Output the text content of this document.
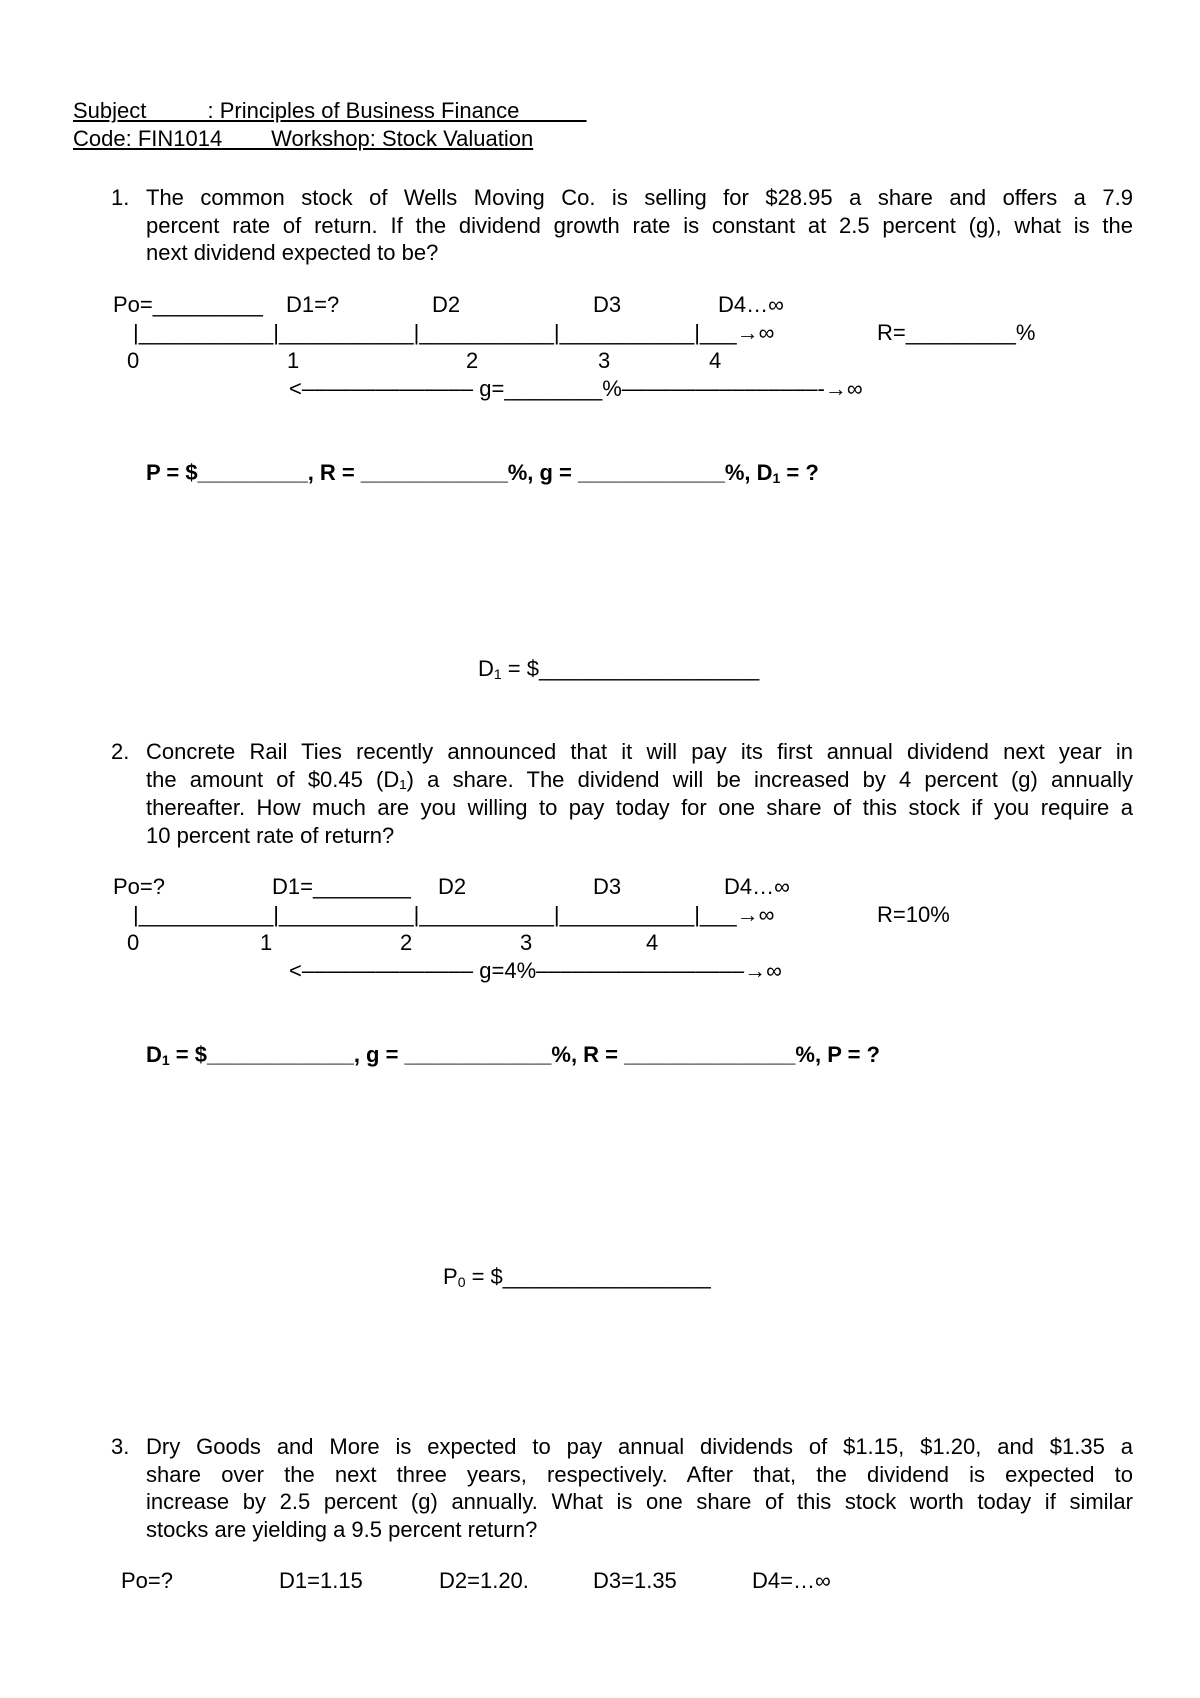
Subject          : Principles of Business Finance
Code: FIN1014        Workshop: Stock Valuation
1. The common stock of Wells Moving Co. is selling for $28.95 a share and offers a 7.9
percent rate of return. If the dividend growth rate is constant at 2.5 percent (g), what is the
next dividend expected to be?
Po=_________ D1=?	D2	D3	D4…∞
|___________|___________|___________|___________|___→∞	R=_________%
0	1	2	3	4
<–––––––––––––– g=________%––––––––––––––––-→∞
P = $_________, R = ____________%, g = ____________%, $D_1$ = ?
$D_1$ = $__________________
2. Concrete Rail Ties recently announced that it will pay its first annual dividend next year in
the amount of $0.45 (D₁) a share. The dividend will be increased by 4 percent (g) annually
thereafter. How much are you willing to pay today for one share of this stock if you require a
10 percent rate of return?
Po=?	D1=________ D2	D3	D4…∞
|___________|___________|___________|___________|___→∞	R=10%
0	1	2	3	4
<–––––––––––––– g=4%–––––––––––––––––→∞
$D_1$ = $____________, g = ____________%, R = ______________%, P = ?
$P_0$ = $_________________
3. Dry Goods and More is expected to pay annual dividends of $1.15, $1.20, and $1.35 a
share over the next three years, respectively. After that, the dividend is expected to
increase by 2.5 percent (g) annually. What is one share of this stock worth today if similar
stocks are yielding a 9.5 percent return?
Po=?	D1=1.15	D2=1.20.	D3=1.35	D4=…∞
